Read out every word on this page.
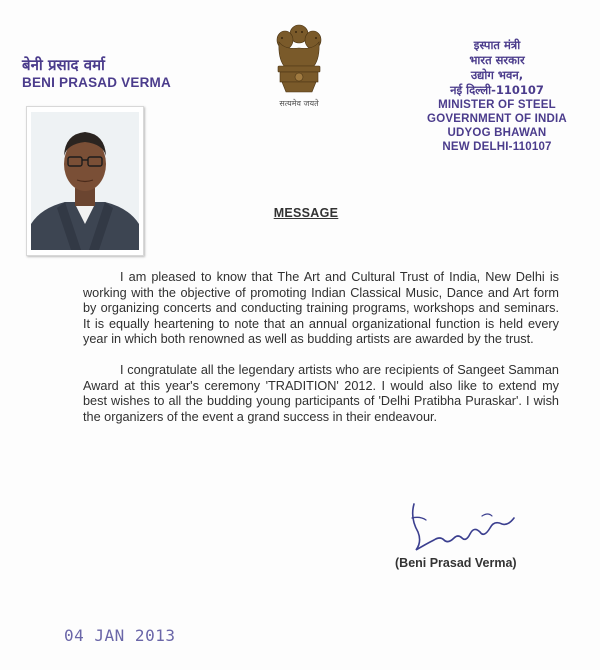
बेनी प्रसाद वर्मा
BENI PRASAD VERMA
सत्यमेव जयते
इस्पात मंत्री
भारत सरकार
उद्योग भवन,
नई दिल्ली-110107
MINISTER OF STEEL
GOVERNMENT OF INDIA
UDYOG BHAWAN
NEW DELHI-110107
MESSAGE

I am pleased to know that The Art and Cultural Trust of India, New Delhi is working with the objective of promoting Indian Classical Music, Dance and Art form by organizing concerts and conducting training programs, workshops and seminars. It is equally heartening to note that an annual organizational function is held every year in which both renowned as well as budding artists are awarded by the trust.

I congratulate all the legendary artists who are recipients of Sangeet Samman Award at this year's ceremony 'TRADITION' 2012. I would also like to extend my best wishes to all the budding young participants of 'Delhi Pratibha Puraskar'. I wish the organizers of the event a grand success in their endeavour.

(Beni Prasad Verma)
04 JAN 2013
